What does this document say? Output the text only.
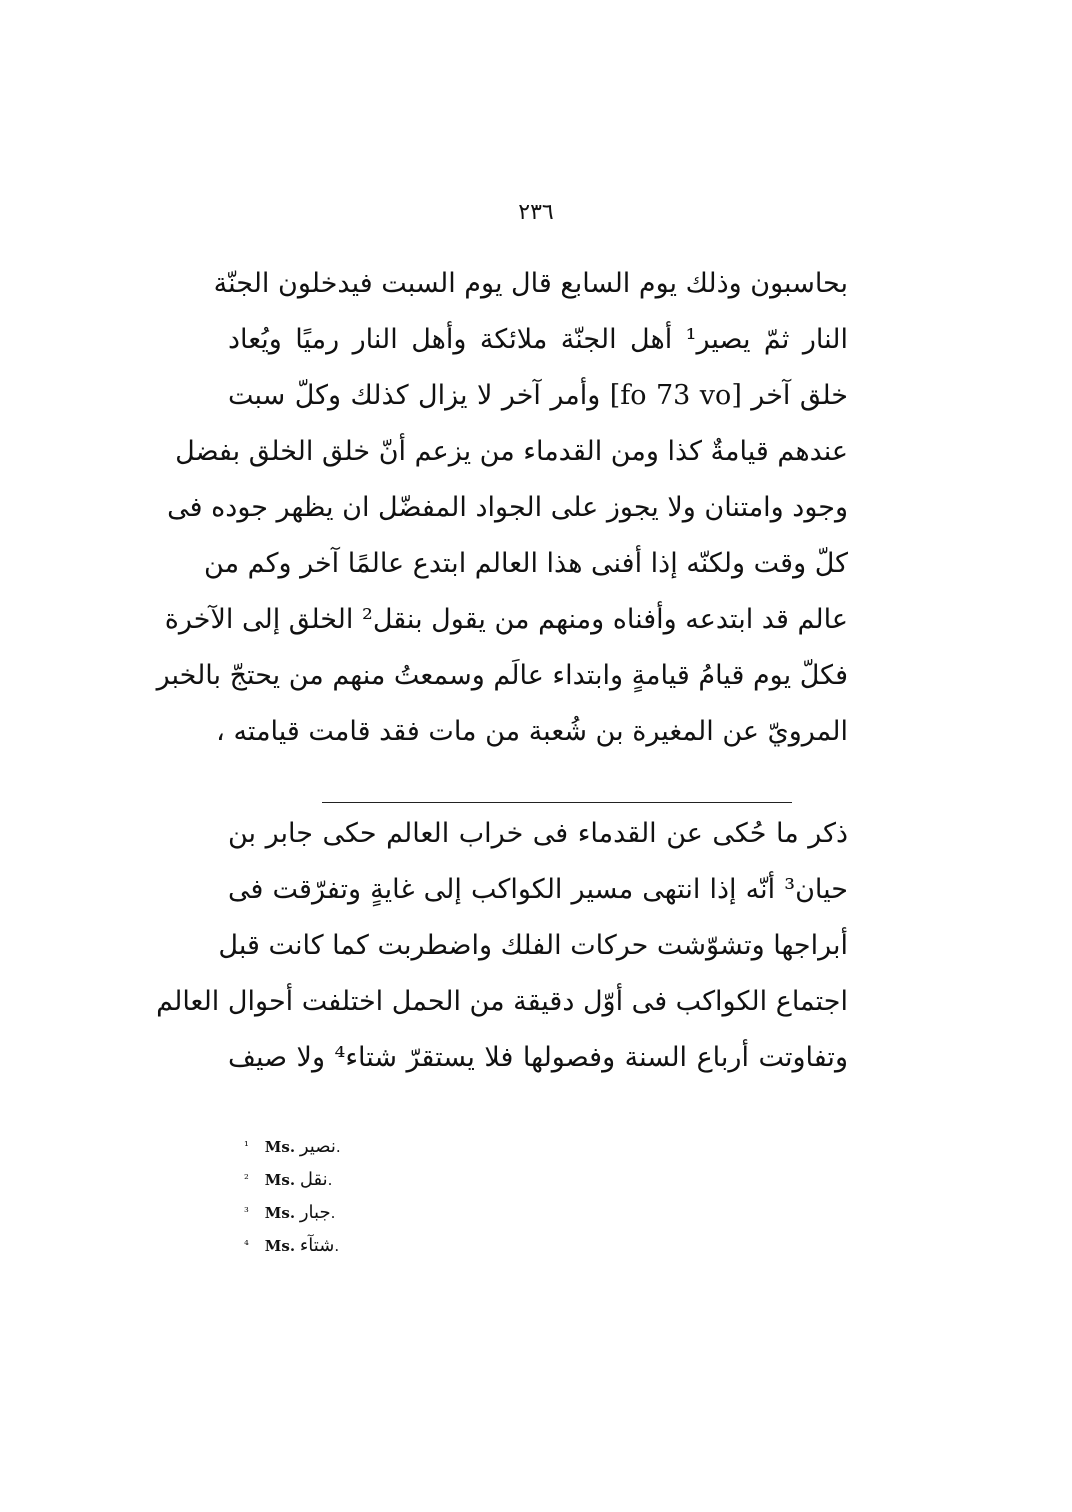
٢٣٦
بحاسبون وذلك يوم السابع قال يوم السبت فيدخلون الجنّة
النار ثمّ يصير¹ أهل الجنّة ملائكة وأهل النار رميًا ويُعاد
خلق آخر [fo 73 vo] وأمر آخر لا يزال كذلك وكلّ سبت
عندهم قيامةٌ كذا ومن القدماء من يزعم أنّ خلق الخلق بفضل
وجود وامتنان ولا يجوز على الجواد المفضّل ان يظهر جوده فى
كلّ وقت ولكنّه إذا أفنى هذا العالم ابتدع عالمًا آخر وكم من
عالم قد ابتدعه وأفناه ومنهم من يقول بنقل² الخلق إلى الآخرة
فكلّ يوم قيامُ قيامةٍ وابتداء عالَم وسمعتُ منهم من يحتجّ بالخبر
المرويّ عن المغيرة بن شُعبة من مات فقد قامت قيامته ،
ذكر ما حُكى عن القدماء فى خراب العالم حكى جابر بن
حيان³ أنّه إذا انتهى مسير الكواكب إلى غايةٍ وتفرّقت فى
أبراجها وتشوّشت حركات الفلك واضطربت كما كانت قبل
اجتماع الكواكب فى أوّل دقيقة من الحمل اختلفت أحوال العالم
وتفاوتت أرباع السنة وفصولها فلا يستقرّ شتاء⁴ ولا صيف
¹ Ms. نصير.
² Ms. نقل.
³ Ms. جبار.
⁴ Ms. شتآء.
